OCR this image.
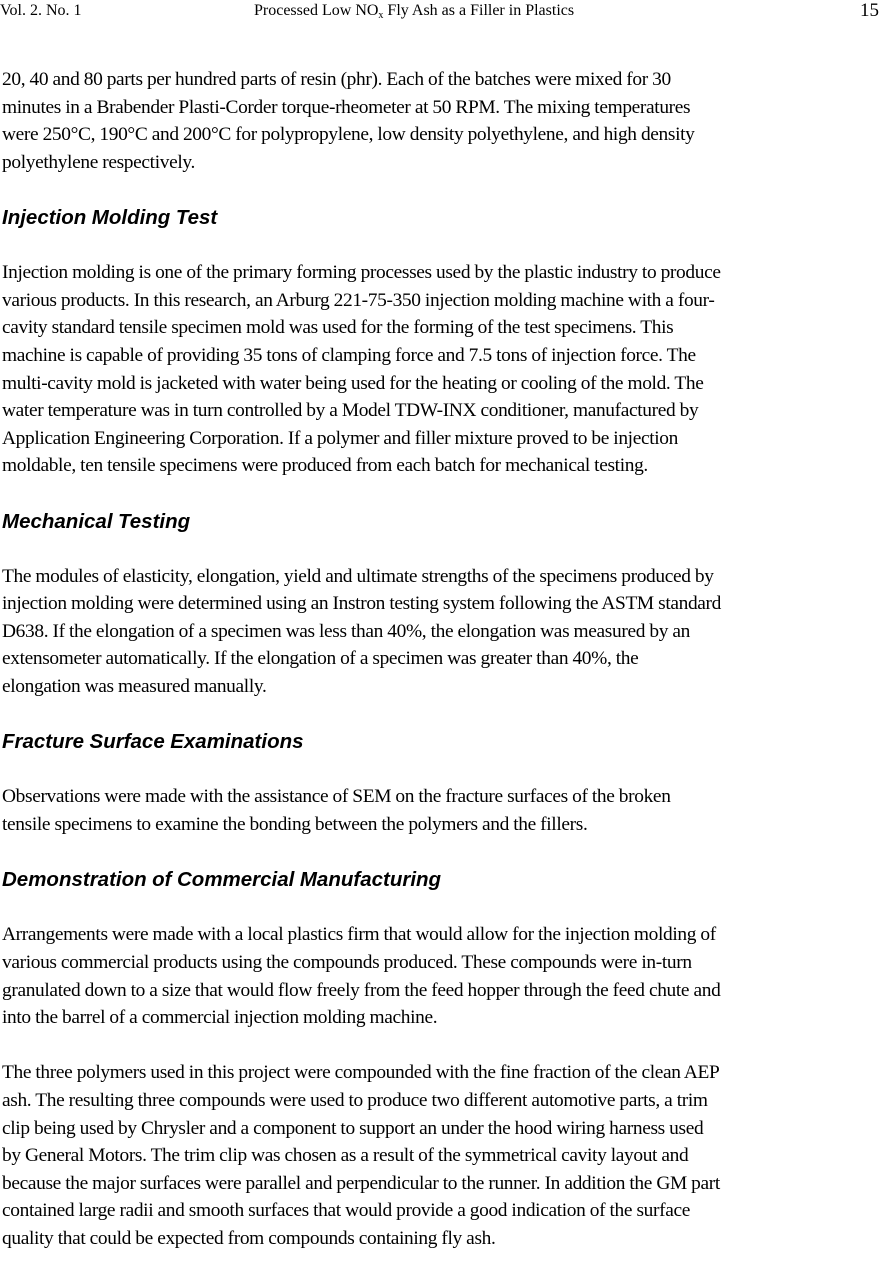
Vol. 2. No. 1	Processed Low $NO_x$ Fly Ash as a Filler in Plastics	15

20, 40 and 80 parts per hundred parts of resin (phr). Each of the batches were mixed for 30
minutes in a Brabender Plasti-Corder torque-rheometer at 50 RPM. The mixing temperatures
were 250°C, 190°C and 200°C for polypropylene, low density polyethylene, and high density
polyethylene respectively.

Injection Molding Test

Injection molding is one of the primary forming processes used by the plastic industry to produce
various products. In this research, an Arburg 221-75-350 injection molding machine with a four-
cavity standard tensile specimen mold was used for the forming of the test specimens. This
machine is capable of providing 35 tons of clamping force and 7.5 tons of injection force. The
multi-cavity mold is jacketed with water being used for the heating or cooling of the mold. The
water temperature was in turn controlled by a Model TDW-INX conditioner, manufactured by
Application Engineering Corporation. If a polymer and filler mixture proved to be injection
moldable, ten tensile specimens were produced from each batch for mechanical testing.

Mechanical Testing

The modules of elasticity, elongation, yield and ultimate strengths of the specimens produced by
injection molding were determined using an Instron testing system following the ASTM standard
D638. If the elongation of a specimen was less than 40%, the elongation was measured by an
extensometer automatically. If the elongation of a specimen was greater than 40%, the
elongation was measured manually.

Fracture Surface Examinations

Observations were made with the assistance of SEM on the fracture surfaces of the broken
tensile specimens to examine the bonding between the polymers and the fillers.

Demonstration of Commercial Manufacturing

Arrangements were made with a local plastics firm that would allow for the injection molding of
various commercial products using the compounds produced. These compounds were in-turn
granulated down to a size that would flow freely from the feed hopper through the feed chute and
into the barrel of a commercial injection molding machine.

The three polymers used in this project were compounded with the fine fraction of the clean AEP
ash. The resulting three compounds were used to produce two different automotive parts, a trim
clip being used by Chrysler and a component to support an under the hood wiring harness used
by General Motors. The trim clip was chosen as a result of the symmetrical cavity layout and
because the major surfaces were parallel and perpendicular to the runner. In addition the GM part
contained large radii and smooth surfaces that would provide a good indication of the surface
quality that could be expected from compounds containing fly ash.
